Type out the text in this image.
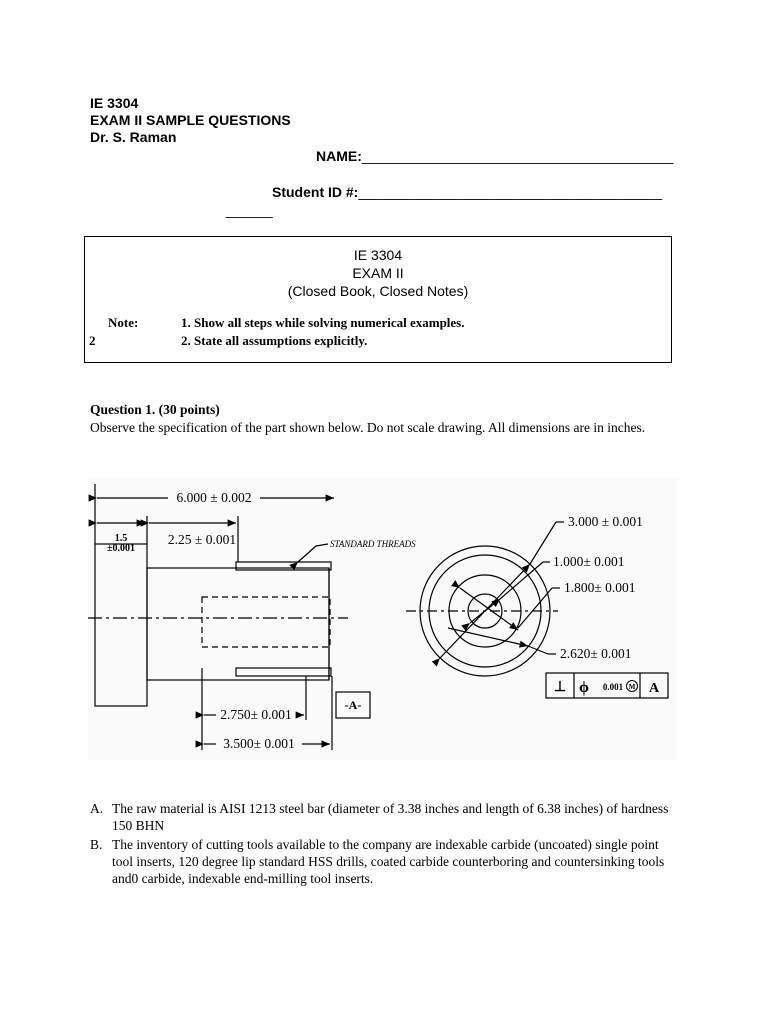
IE 3304
EXAM II SAMPLE QUESTIONS
Dr. S. Raman
NAME:________________________________________
Student ID #:_______________________________________
______
IE 3304
EXAM II
(Closed Book, Closed Notes)
Note:
2
1. Show all steps while solving numerical examples.
2. State all assumptions explicitly.
Question 1. (30 points)
Observe the specification of the part shown below. Do not scale drawing. All dimensions are in inches.
6.000 ± 0.002
1.5
±0.001
2.25 ± 0.001	STANDARD THREADS
2.750± 0.001
-A-
3.500± 0.001
3.000 ± 0.001
1.000± 0.001
1.800± 0.001
2.620± 0.001
⊥ ϕ 0.001 M A
A. The raw material is AISI 1213 steel bar (diameter of 3.38 inches and length of 6.38 inches) of hardness 150 BHN
B. The inventory of cutting tools available to the company are indexable carbide (uncoated) single point tool inserts, 120 degree lip standard HSS drills, coated carbide counterboring and countersinking tools and0 carbide, indexable end-milling tool inserts.
